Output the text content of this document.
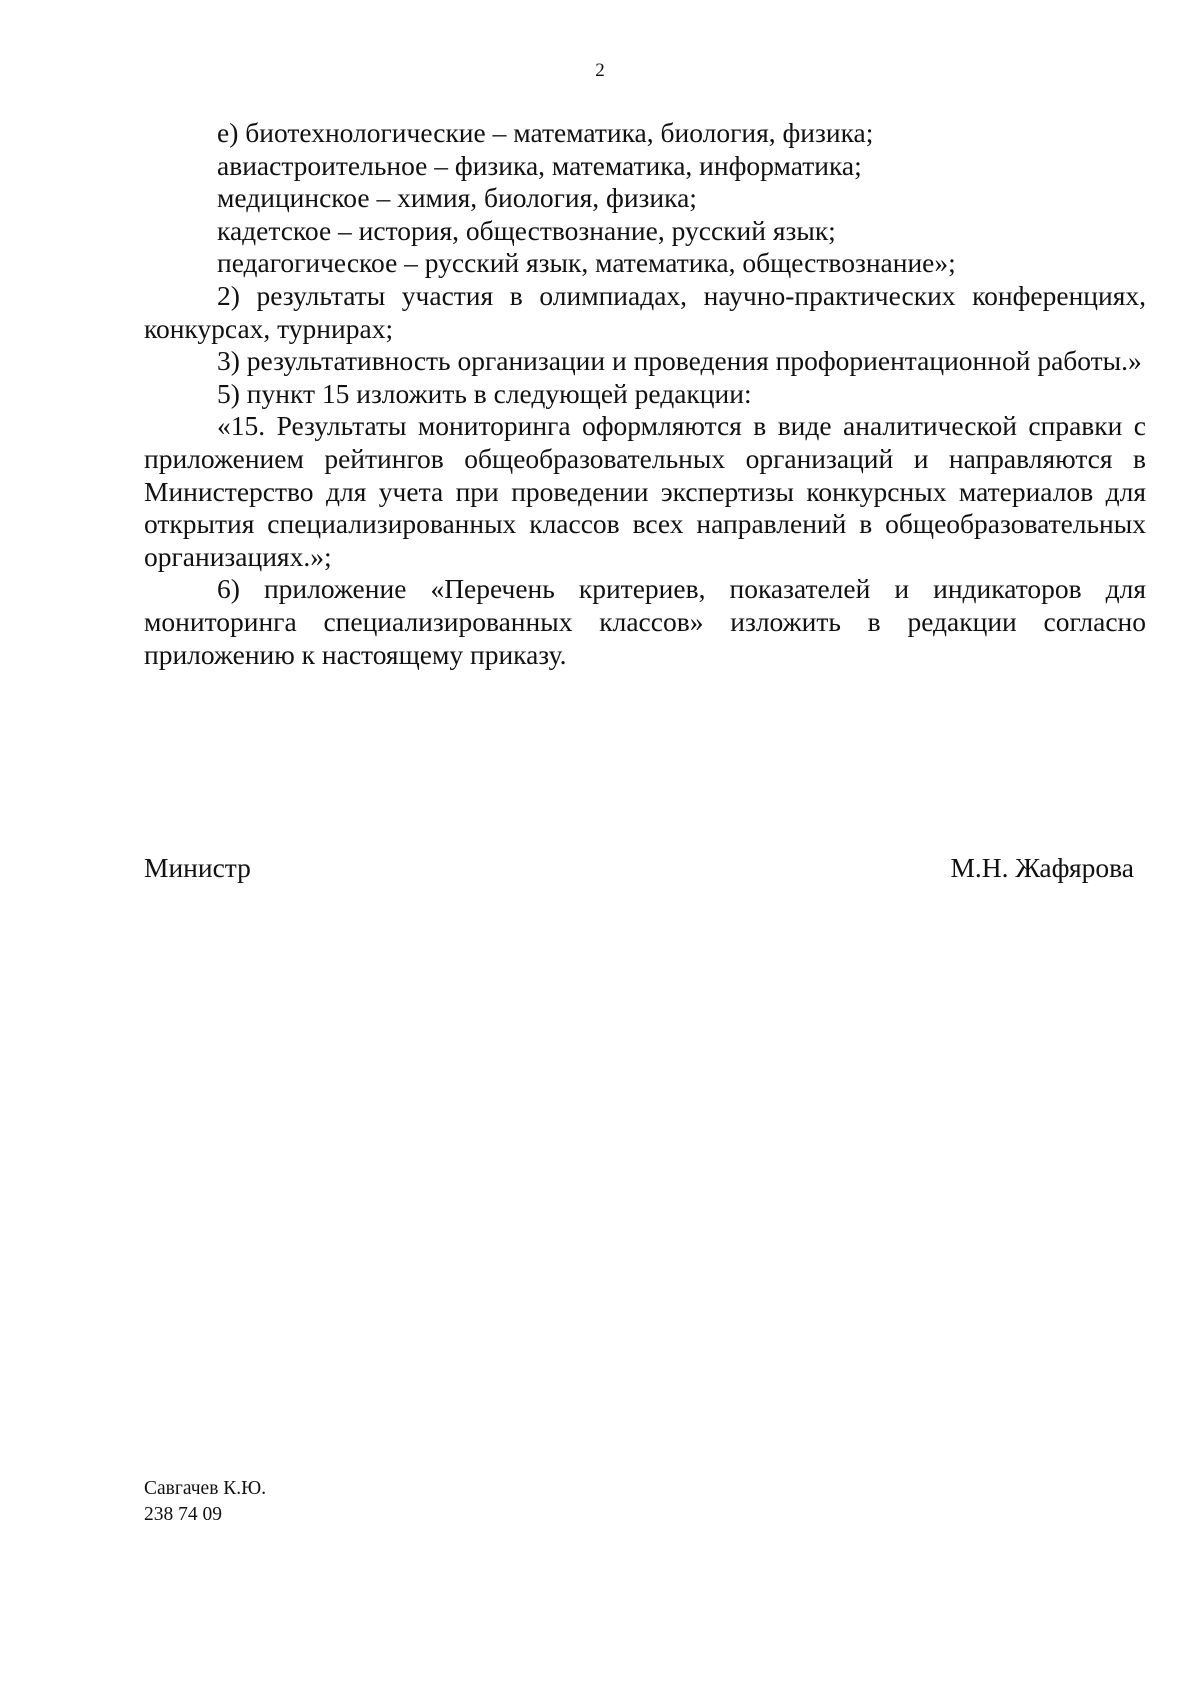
2

е) биотехнологические – математика, биология, физика;

авиастроительное – физика, математика, информатика;

медицинское – химия, биология, физика;

кадетское – история, обществознание, русский язык;

педагогическое – русский язык, математика, обществознание»;

2) результаты участия в олимпиадах, научно-практических конференциях, конкурсах, турнирах;

3) результативность организации и проведения профориентационной работы.»

5) пункт 15 изложить в следующей редакции:

«15. Результаты мониторинга оформляются в виде аналитической справки с приложением рейтингов общеобразовательных организаций и направляются в Министерство для учета при проведении экспертизы конкурсных материалов для открытия специализированных классов всех направлений в общеобразовательных организациях.»;

6) приложение «Перечень критериев, показателей и индикаторов для мониторинга специализированных классов» изложить в редакции согласно приложению к настоящему приказу.

Министр	М.Н. Жафярова
Савгачев К.Ю.
238 74 09
